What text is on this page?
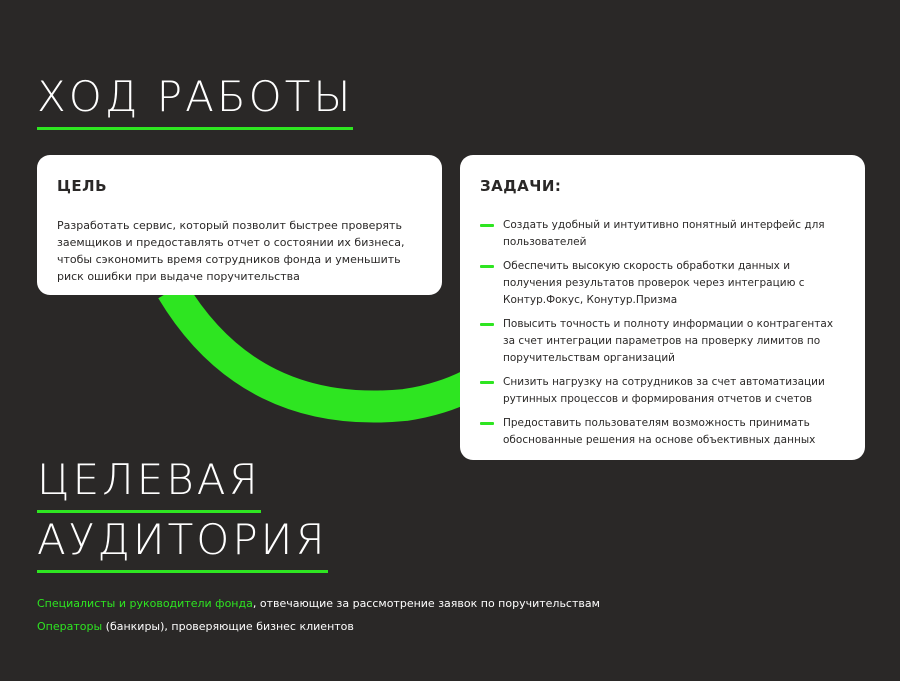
ХОД РАБОТЫ

ЦЕЛЬ

Разработать сервис, который позволит быстрее проверять заемщиков и предоставлять отчет о состоянии их бизнеса, чтобы сэкономить время сотрудников фонда и уменьшить риск ошибки при выдаче поручительства

ЗАДАЧИ:

Создать удобный и интуитивно понятный интерфейс для пользователей
Обеспечить высокую скорость обработки данных и получения результатов проверок через интеграцию с Контур.Фокус, Конутур.Призма
Повысить точность и полноту информации о контрагентах за счет интеграции параметров на проверку лимитов по поручительствам организаций
Снизить нагрузку на сотрудников за счет автоматизации рутинных процессов и формирования отчетов и счетов
Предоставить пользователям возможность принимать обоснованные решения на основе объективных данных
ЦЕЛЕВАЯ
АУДИТОРИЯ
Специалисты и руководители фонда, отвечающие за рассмотрение заявок по поручительствам
Операторы (банкиры), проверяющие бизнес клиентов
